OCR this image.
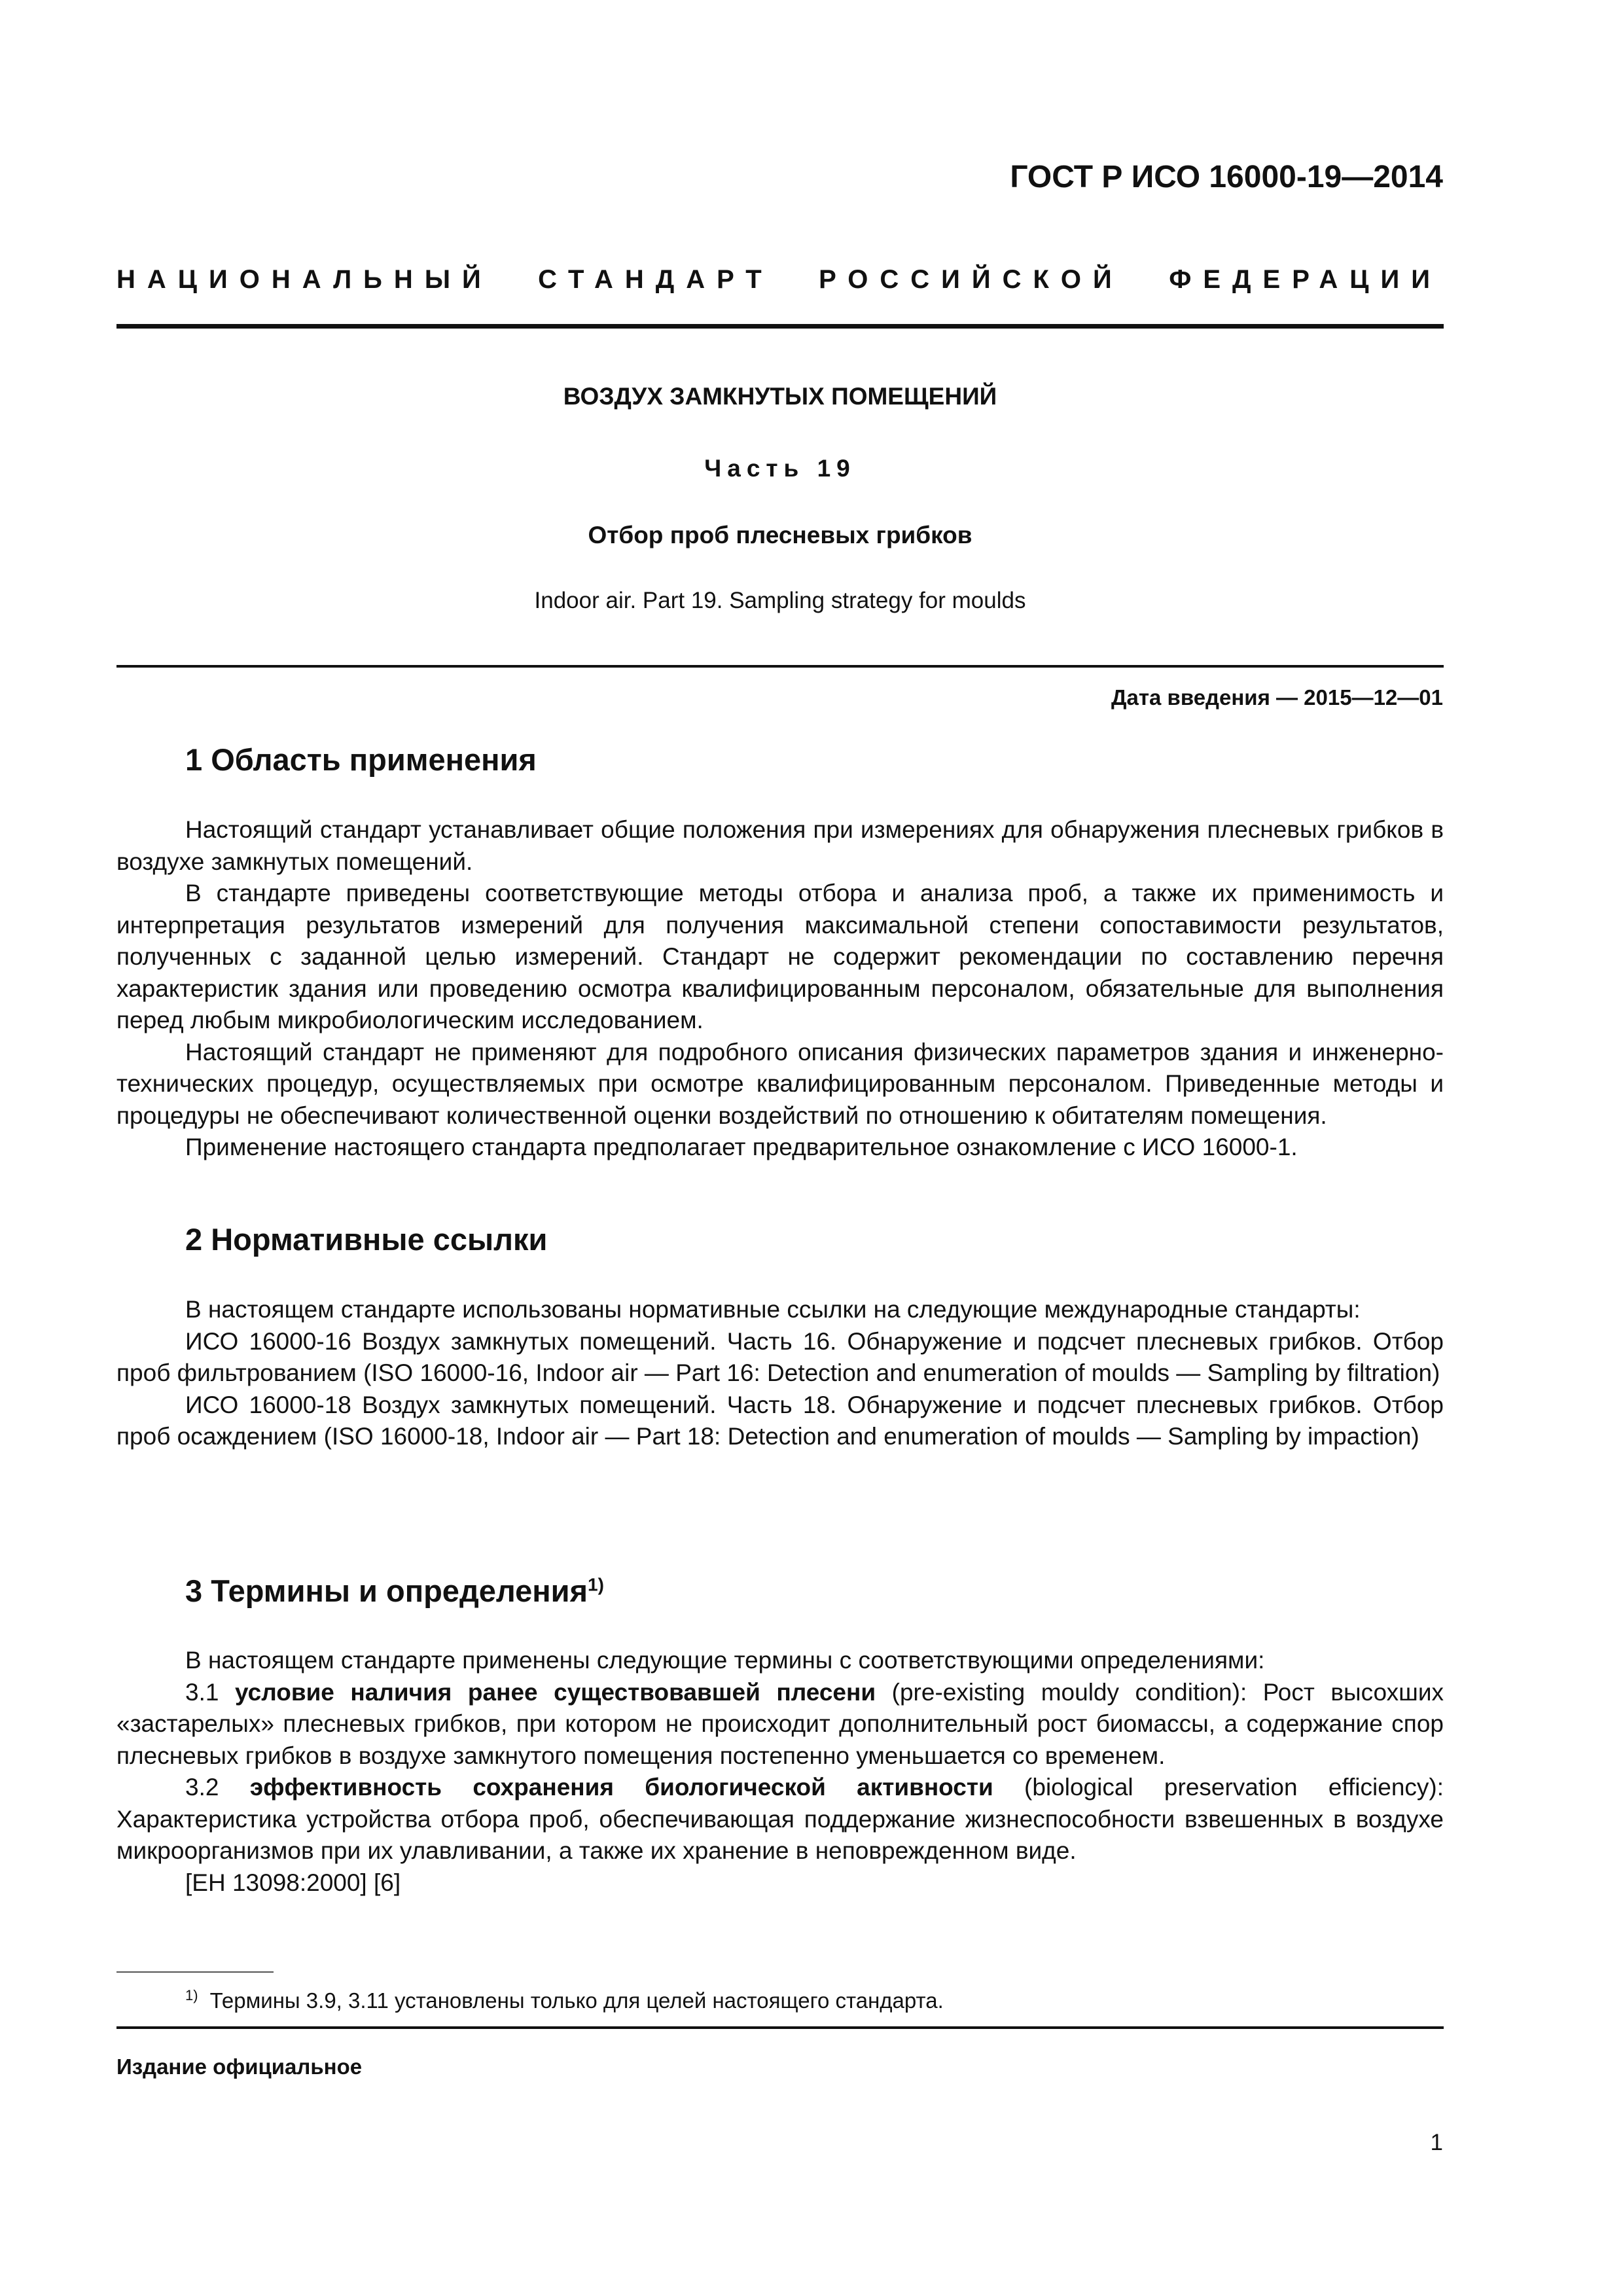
ГОСТ Р ИСО 16000-19—2014
НАЦИОНАЛЬНЫЙ СТАНДАРТ РОССИЙСКОЙ ФЕДЕРАЦИИ
ВОЗДУХ ЗАМКНУТЫХ ПОМЕЩЕНИЙ
Часть 19
Отбор проб плесневых грибков
Indoor air. Part 19. Sampling strategy for moulds
Дата введения — 2015—12—01
1 Область применения

Настоящий стандарт устанавливает общие положения при измерениях для обнаружения плесневых грибков в воздухе замкнутых помещений.

В стандарте приведены соответствующие методы отбора и анализа проб, а также их применимость и интерпретация результатов измерений для получения максимальной степени сопоставимости результатов, полученных с заданной целью измерений. Стандарт не содержит рекомендации по составлению перечня характеристик здания или проведению осмотра квалифицированным персоналом, обязательные для выполнения перед любым микробиологическим исследованием.

Настоящий стандарт не применяют для подробного описания физических параметров здания и инженерно-технических процедур, осуществляемых при осмотре квалифицированным персоналом. Приведенные методы и процедуры не обеспечивают количественной оценки воздействий по отношению к обитателям помещения.

Применение настоящего стандарта предполагает предварительное ознакомление с ИСО 16000-1.

2 Нормативные ссылки

В настоящем стандарте использованы нормативные ссылки на следующие международные стандарты:

ИСО 16000-16 Воздух замкнутых помещений. Часть 16. Обнаружение и подсчет плесневых грибков. Отбор проб фильтрованием (ISO 16000-16, Indoor air — Part 16: Detection and enumeration of moulds — Sampling by filtration)

ИСО 16000-18 Воздух замкнутых помещений. Часть 18. Обнаружение и подсчет плесневых грибков. Отбор проб осаждением (ISO 16000-18, Indoor air — Part 18: Detection and enumeration of moulds — Sampling by impaction)

3 Термины и определения$^{1)}$

В настоящем стандарте применены следующие термины с соответствующими определениями:

3.1 условие наличия ранее существовавшей плесени (pre-existing mouldy condition): Рост высохших «застарелых» плесневых грибков, при котором не происходит дополнительный рост биомассы, а содержание спор плесневых грибков в воздухе замкнутого помещения постепенно уменьшается со временем.

3.2 эффективность сохранения биологической активности (biological preservation efficiency): Характеристика устройства отбора проб, обеспечивающая поддержание жизнеспособности взвешенных в воздухе микроорганизмов при их улавливании, а также их хранение в неповрежденном виде.

[ЕН 13098:2000] [6]

$^{1)}$ Термины 3.9, 3.11 установлены только для целей настоящего стандарта.
Издание официальное
1
